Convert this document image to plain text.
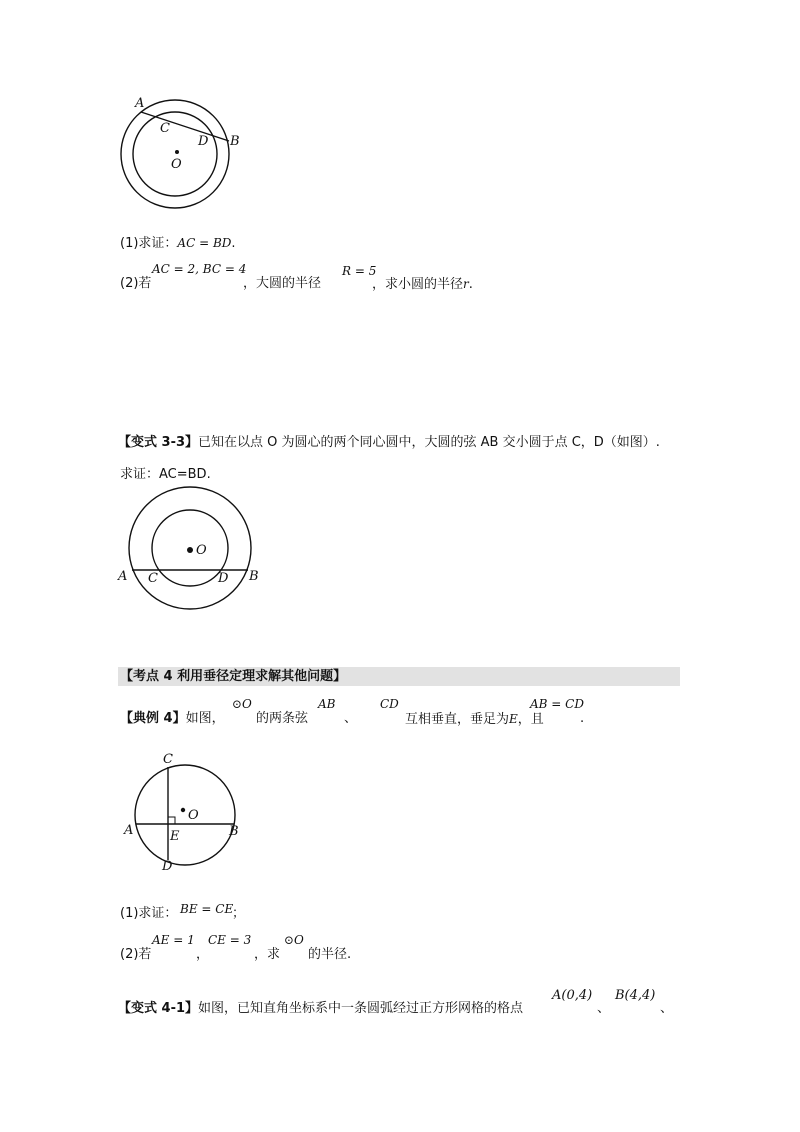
A
B
C
D
O
(1)求证：AC = BD.
(2)若
AC = 2, BC = 4
，大圆的半径
R = 5
，求小圆的半径r.
【变式 3-3】已知在以点 O 为圆心的两个同心圆中，大圆的弦 AB 交小圆于点 C，D（如图）.
求证：AC=BD.
O
A C	D B
【考点 4 利用垂径定理求解其他问题】
【典例 4】如图，
⊙O
的两条弦
AB
、
CD
互相垂直，垂足为E，且
AB = CD
.
C
O
A	E	B
D
(1)求证： BE = CE
；
(2)若
AE = 1
，
CE = 3
，求
⊙O
的半径.
【变式 4-1】如图，已知直角坐标系中一条圆弧经过正方形网格的格点
A(0,4)
、
B(4,4)
、
